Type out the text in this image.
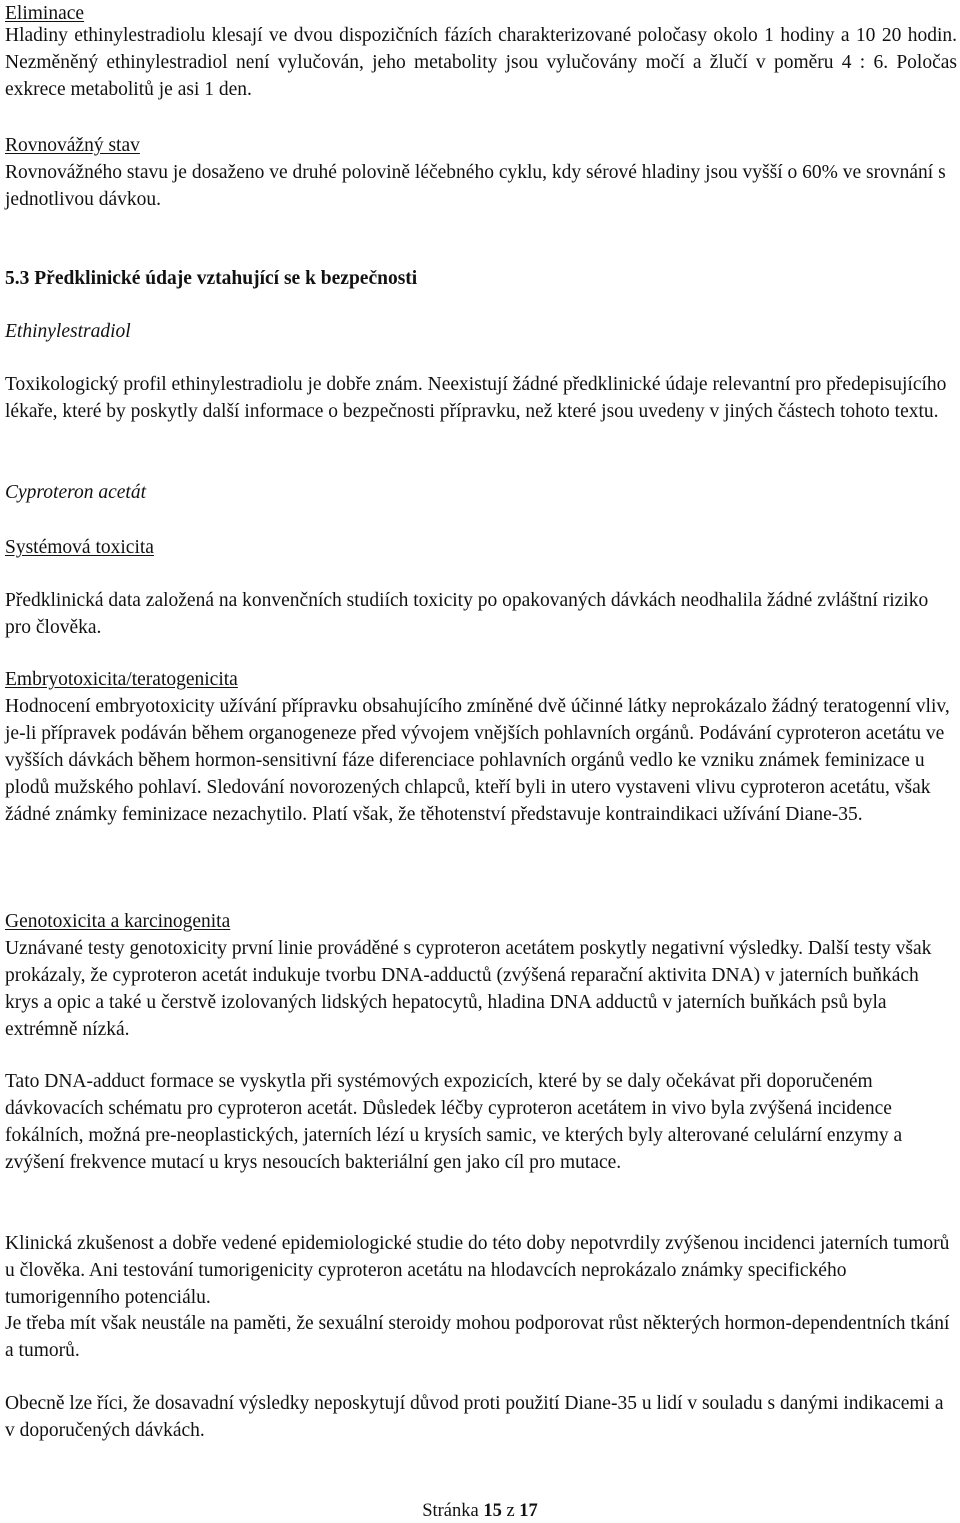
Eliminace

Hladiny ethinylestradiolu klesají ve dvou dispozičních fázích charakterizované poločasy okolo 1 hodiny a 10 20 hodin. Nezměněný ethinylestradiol není vylučován, jeho metabolity jsou vylučovány močí a žlučí v poměru 4 : 6. Poločas exkrece metabolitů je asi 1 den.

Rovnovážný stav

Rovnovážného stavu je dosaženo ve druhé polovině léčebného cyklu, kdy sérové hladiny jsou vyšší o 60% ve srovnání s jednotlivou dávkou.

5.3 Předklinické údaje vztahující se k bezpečnosti

Ethinylestradiol

Toxikologický profil ethinylestradiolu je dobře znám. Neexistují žádné předklinické údaje relevantní pro předepisujícího lékaře, které by poskytly další informace o bezpečnosti přípravku, než které jsou uvedeny v jiných částech tohoto textu.

Cyproteron acetát

Systémová toxicita

Předklinická data založená na konvenčních studiích toxicity po opakovaných dávkách neodhalila žádné zvláštní riziko pro člověka.

Embryotoxicita/teratogenicita

Hodnocení embryotoxicity užívání přípravku obsahujícího zmíněné dvě účinné látky neprokázalo žádný teratogenní vliv, je-li přípravek podáván během organogeneze před vývojem vnějších pohlavních orgánů. Podávání cyproteron acetátu ve vyšších dávkách během hormon-sensitivní fáze diferenciace pohlavních orgánů vedlo ke vzniku známek feminizace u plodů mužského pohlaví. Sledování novorozených chlapců, kteří byli in utero vystaveni vlivu cyproteron acetátu, však žádné známky feminizace nezachytilo. Platí však, že těhotenství představuje kontraindikaci užívání Diane-35.

Genotoxicita a karcinogenita

Uznávané testy genotoxicity první linie prováděné s cyproteron acetátem poskytly negativní výsledky. Další testy však prokázaly, že cyproteron acetát indukuje tvorbu DNA-adductů (zvýšená reparační aktivita DNA) v jaterních buňkách krys a opic a také u čerstvě izolovaných lidských hepatocytů, hladina DNA adductů v jaterních buňkách psů byla extrémně nízká.

Tato DNA-adduct formace se vyskytla při systémových expozicích, které by se daly očekávat při doporučeném dávkovacích schématu pro cyproteron acetát. Důsledek léčby cyproteron acetátem in vivo byla zvýšená incidence fokálních, možná pre-neoplastických, jaterních lézí u krysích samic, ve kterých byly alterované celulární enzymy a zvýšení frekvence mutací u krys nesoucích bakteriální gen jako cíl pro mutace.

Klinická zkušenost a dobře vedené epidemiologické studie do této doby nepotvrdily zvýšenou incidenci jaterních tumorů u člověka. Ani testování tumorigenicity cyproteron acetátu na hlodavcích neprokázalo známky specifického tumorigenního potenciálu.

Je třeba mít však neustále na paměti, že sexuální steroidy mohou podporovat růst některých hormon-dependentních tkání a tumorů.

Obecně lze říci, že dosavadní výsledky neposkytují důvod proti použití Diane-35 u lidí v souladu s danými indikacemi a v doporučených dávkách.

Stránka 15 z 17
